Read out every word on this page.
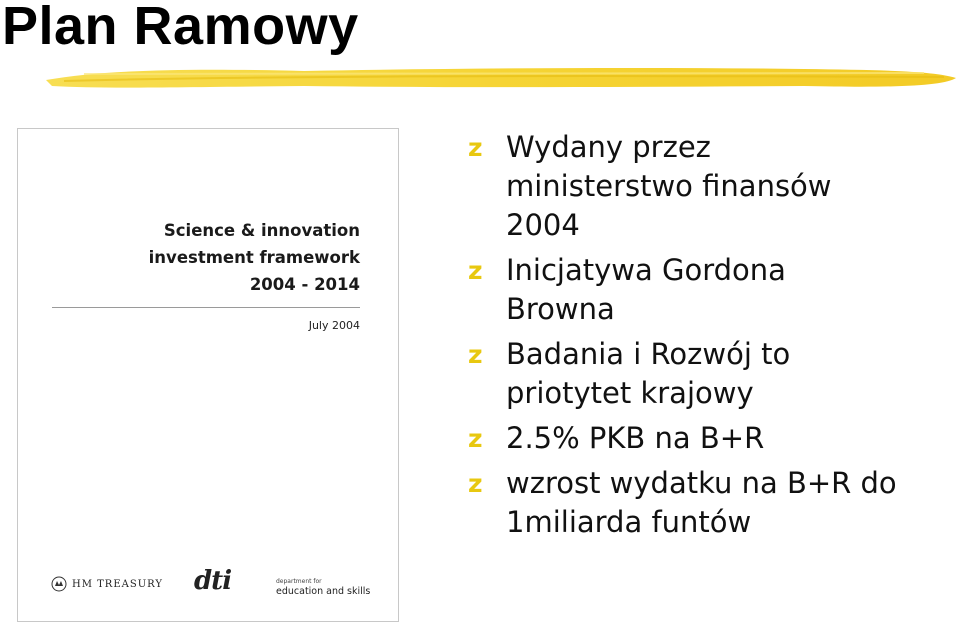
Plan Ramowy
Science & innovation
investment framework
2004 - 2014
July 2004
HM TREASURY dti	department for
education and skills
z Wydany przez ministerstwo finansów 2004
z Inicjatywa Gordona Browna
z Badania i Rozwój to priotytet krajowy
z 2.5% PKB na B+R
z wzrost wydatku na B+R do 1miliarda funtów
